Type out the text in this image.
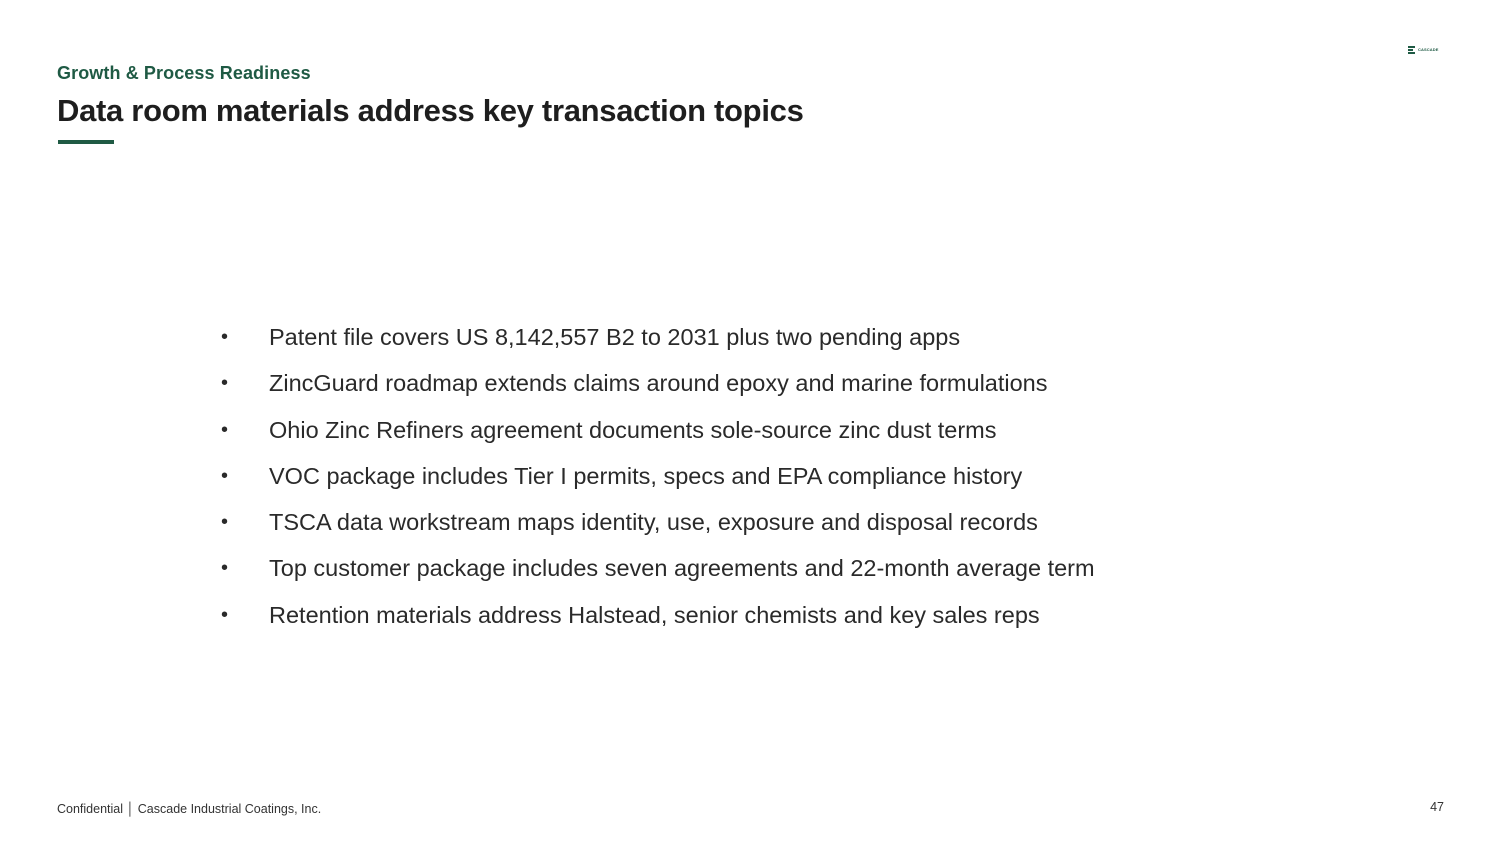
CASCADE
Growth & Process Readiness
Data room materials address key transaction topics
•	Patent file covers US 8,142,557 B2 to 2031 plus two pending apps
•	ZincGuard roadmap extends claims around epoxy and marine formulations
•	Ohio Zinc Refiners agreement documents sole-source zinc dust terms
•	VOC package includes Tier I permits, specs and EPA compliance history
•	TSCA data workstream maps identity, use, exposure and disposal records
•	Top customer package includes seven agreements and 22-month average term
•	Retention materials address Halstead, senior chemists and key sales reps
Confidential │ Cascade Industrial Coatings, Inc.	47
